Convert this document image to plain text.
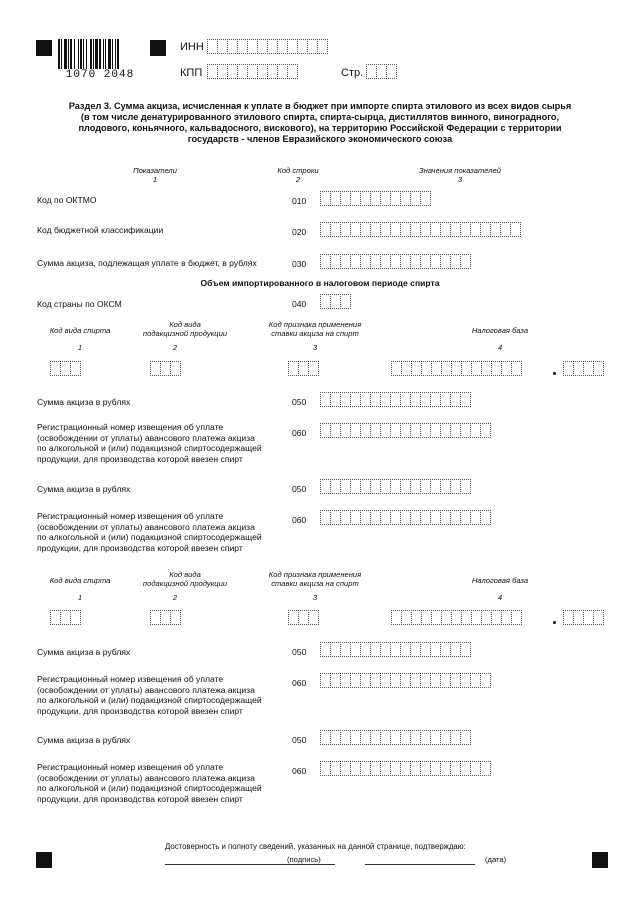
1070 2048
ИНН
КПП	Стр.
Раздел 3. Сумма акциза, исчисленная к уплате в бюджет при импорте спирта этилового из всех видов сырья
(в том числе денатурированного этилового спирта, спирта-сырца, дистиллятов винного, виноградного,
плодового, коньячного, кальвадосного, вискового), на территорию Российской Федерации с территории
государств - членов Евразийского экономического союза
Показатели
1
Код строки
2
Значения показателей
3
Код по ОКТМО	010
Код бюджетной классификации	020
Сумма акциза, подлежащая уплате в бюджет, в рублях	030
Объем импортированного в налоговом периоде спирта
Код страны по ОКСМ	040
Код вида спирта
1
Код вида
подакцизной продукции
2
Код признака применения
ставки акциза на спирт
3
Налоговая база
4
Сумма акциза в рублях	050
Регистрационный номер извещения об уплате
(освобождении от уплаты) авансового платежа акциза
по алкогольной и (или) подакцизной спиртосодержащей
продукции, для производства которой ввезен спирт
060
Сумма акциза в рублях	050
Регистрационный номер извещения об уплате
(освобождении от уплаты) авансового платежа акциза
по алкогольной и (или) подакцизной спиртосодержащей
продукции, для производства которой ввезен спирт
060
Код вида спирта
1
Код вида
подакцизной продукции
2
Код признака применения
ставки акциза на спирт
3
Налоговая база
4
Сумма акциза в рублях	050
Регистрационный номер извещения об уплате
(освобождении от уплаты) авансового платежа акциза
по алкогольной и (или) подакцизной спиртосодержащей
продукции, для производства которой ввезен спирт
060
Сумма акциза в рублях	050
Регистрационный номер извещения об уплате
(освобождении от уплаты) авансового платежа акциза
по алкогольной и (или) подакцизной спиртосодержащей
продукции, для производства которой ввезен спирт
060
Достоверность и полноту сведений, указанных на данной странице, подтверждаю:
(подпись)	(дата)
